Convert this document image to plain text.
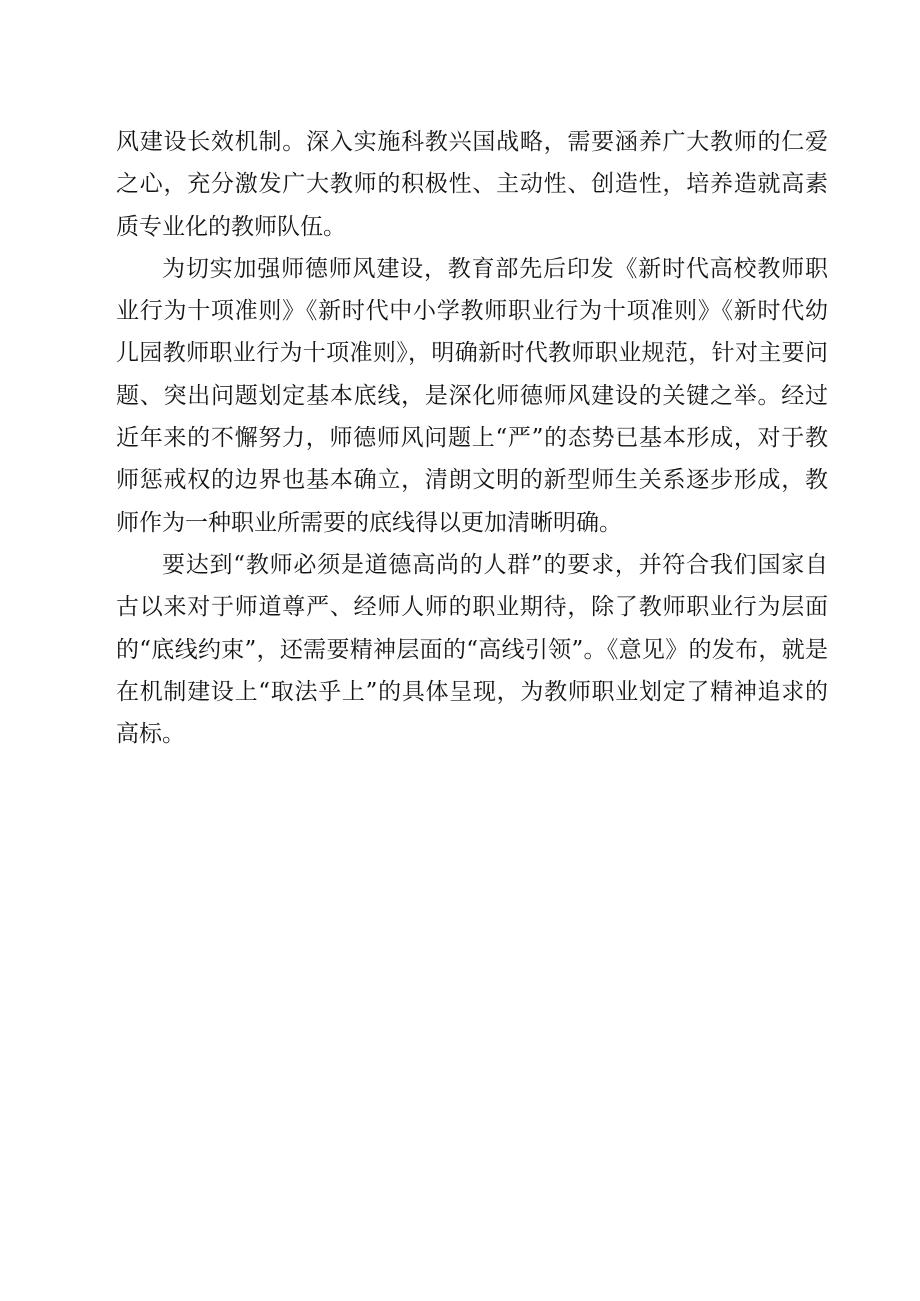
风建设长效机制。深入实施科教兴国战略，需要涵养广大教师的仁爱之心，充分激发广大教师的积极性、主动性、创造性，培养造就高素质专业化的教师队伍。

为切实加强师德师风建设，教育部先后印发《新时代高校教师职业行为十项准则》《新时代中小学教师职业行为十项准则》《新时代幼儿园教师职业行为十项准则》，明确新时代教师职业规范，针对主要问题、突出问题划定基本底线，是深化师德师风建设的关键之举。经过近年来的不懈努力，师德师风问题上“严”的态势已基本形成，对于教师惩戒权的边界也基本确立，清朗文明的新型师生关系逐步形成，教师作为一种职业所需要的底线得以更加清晰明确。

要达到“教师必须是道德高尚的人群”的要求，并符合我们国家自古以来对于师道尊严、经师人师的职业期待，除了教师职业行为层面的“底线约束”，还需要精神层面的“高线引领”。《意见》的发布，就是在机制建设上“取法乎上”的具体呈现，为教师职业划定了精神追求的高标。
